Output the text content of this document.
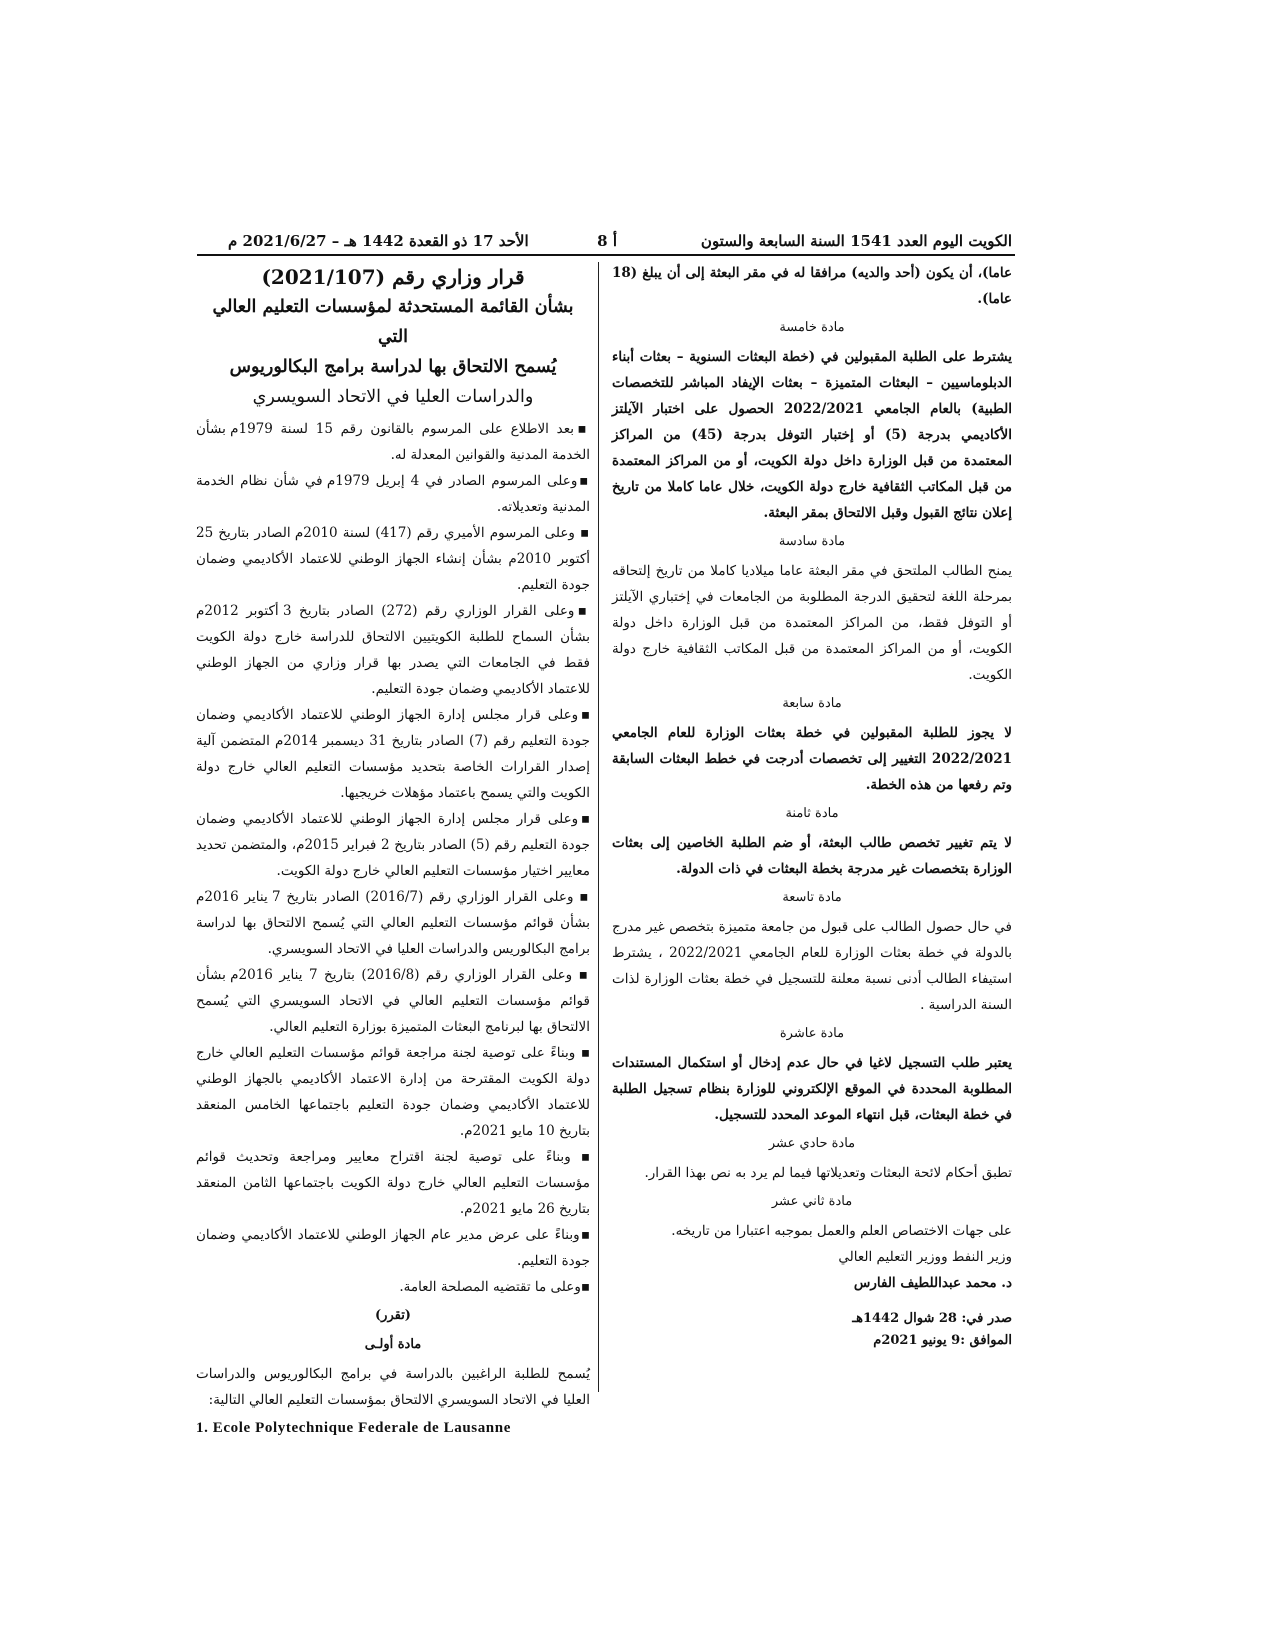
الكويت اليوم العدد 1541 السنة السابعة والستون
أ 8
الأحد 17 ذو القعدة 1442 هـ – 2021/6/27 م

عاما)، أن يكون (أحد والديه) مرافقا له في مقر البعثة إلى أن يبلغ (18 عاما).

مادة خامسة

يشترط على الطلبة المقبولين في (خطة البعثات السنوية – بعثات أبناء الدبلوماسيين – البعثات المتميزة – بعثات الإيفاد المباشر للتخصصات الطبية) بالعام الجامعي 2022/2021 الحصول على اختبار الآيلتز الأكاديمي بدرجة (5) أو إختبار التوفل بدرجة (45) من المراكز المعتمدة من قبل الوزارة داخل دولة الكويت، أو من المراكز المعتمدة من قبل المكاتب الثقافية خارج دولة الكويت، خلال عاما كاملا من تاريخ إعلان نتائج القبول وقبل الالتحاق بمقر البعثة.

مادة سادسة

يمنح الطالب الملتحق في مقر البعثة عاما ميلاديا كاملا من تاريخ إلتحاقه بمرحلة اللغة لتحقيق الدرجة المطلوبة من الجامعات في إختباري الآيلتز أو التوفل فقط، من المراكز المعتمدة من قبل الوزارة داخل دولة الكويت، أو من المراكز المعتمدة من قبل المكاتب الثقافية خارج دولة الكويت.

مادة سابعة

لا يجوز للطلبة المقبولين في خطة بعثات الوزارة للعام الجامعي 2022/2021 التغيير إلى تخصصات أدرجت في خطط البعثات السابقة وتم رفعها من هذه الخطة.

مادة ثامنة

لا يتم تغيير تخصص طالب البعثة، أو ضم الطلبة الخاصين إلى بعثات الوزارة بتخصصات غير مدرجة بخطة البعثات في ذات الدولة.

مادة تاسعة

في حال حصول الطالب على قبول من جامعة متميزة بتخصص غير مدرج بالدولة في خطة بعثات الوزارة للعام الجامعي 2022/2021 ، يشترط استيفاء الطالب أدنى نسبة معلنة للتسجيل في خطة بعثات الوزارة لذات السنة الدراسية .

مادة عاشرة

يعتبر طلب التسجيل لاغيا في حال عدم إدخال أو استكمال المستندات المطلوبة المحددة في الموقع الإلكتروني للوزارة بنظام تسجيل الطلبة في خطة البعثات، قبل انتهاء الموعد المحدد للتسجيل.

مادة حادي عشر

تطبق أحكام لائحة البعثات وتعديلاتها فيما لم يرد به نص بهذا القرار.

مادة ثاني عشر

على جهات الاختصاص العلم والعمل بموجبه اعتبارا من تاريخه.

وزير النفط ووزير التعليم العالي

د. محمد عبداللطيف الفارس

صدر في: 28 شوال 1442هـ

الموافق :9 يونيو 2021م

قرار وزاري رقم (2021/107)

بشأن القائمة المستحدثة لمؤسسات التعليم العالي التي

يُسمح الالتحاق بها لدراسة برامج البكالوريوس

والدراسات العليا في الاتحاد السويسري

▪بعد الاطلاع على المرسوم بالقانون رقم 15 لسنة 1979م بشأن الخدمة المدنية والقوانين المعدلة له.

▪وعلى المرسوم الصادر في 4 إبريل 1979م في شأن نظام الخدمة المدنية وتعديلاته.

▪ وعلى المرسوم الأميري رقم (417) لسنة 2010م الصادر بتاريخ 25 أكتوبر 2010م بشأن إنشاء الجهاز الوطني للاعتماد الأكاديمي وضمان جودة التعليم.

▪وعلى القرار الوزاري رقم (272) الصادر بتاريخ 3 أكتوبر 2012م بشأن السماح للطلبة الكويتيين الالتحاق للدراسة خارج دولة الكويت فقط في الجامعات التي يصدر بها قرار وزاري من الجهاز الوطني للاعتماد الأكاديمي وضمان جودة التعليم.

▪وعلى قرار مجلس إدارة الجهاز الوطني للاعتماد الأكاديمي وضمان جودة التعليم رقم (7) الصادر بتاريخ 31 ديسمبر 2014م المتضمن آلية إصدار القرارات الخاصة بتحديد مؤسسات التعليم العالي خارج دولة الكويت والتي يسمح باعتماد مؤهلات خريجيها.

▪وعلى قرار مجلس إدارة الجهاز الوطني للاعتماد الأكاديمي وضمان جودة التعليم رقم (5) الصادر بتاريخ 2 فبراير 2015م، والمتضمن تحديد معايير اختيار مؤسسات التعليم العالي خارج دولة الكويت.

▪ وعلى القرار الوزاري رقم (2016/7) الصادر بتاريخ 7 يناير 2016م بشأن قوائم مؤسسات التعليم العالي التي يُسمح الالتحاق بها لدراسة برامج البكالوريس والدراسات العليا في الاتحاد السويسري.

▪ وعلى القرار الوزاري رقم (2016/8) بتاريخ 7 يناير 2016م بشأن قوائم مؤسسات التعليم العالي في الاتحاد السويسري التي يُسمح الالتحاق بها لبرنامج البعثات المتميزة بوزارة التعليم العالي.

▪ وبناءً على توصية لجنة مراجعة قوائم مؤسسات التعليم العالي خارج دولة الكويت المقترحة من إدارة الاعتماد الأكاديمي بالجهاز الوطني للاعتماد الأكاديمي وضمان جودة التعليم باجتماعها الخامس المنعقد بتاريخ 10 مايو 2021م.

▪ وبناءً على توصية لجنة اقتراح معايير ومراجعة وتحديث قوائم مؤسسات التعليم العالي خارج دولة الكويت باجتماعها الثامن المنعقد بتاريخ 26 مايو 2021م.

▪وبناءً على عرض مدير عام الجهاز الوطني للاعتماد الأكاديمي وضمان جودة التعليم.

▪وعلى ما تقتضيه المصلحة العامة.

(تقرر)

مادة أولـى

يُسمح للطلبة الراغبين بالدراسة في برامج البكالوريوس والدراسات العليا في الاتحاد السويسري الالتحاق بمؤسسات التعليم العالي التالية:

1. Ecole Polytechnique Federale de Lausanne
